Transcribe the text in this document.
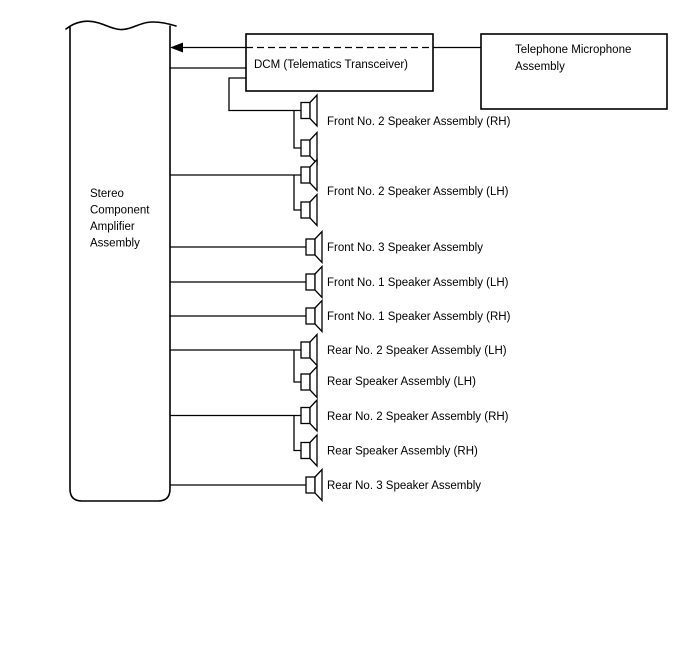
Stereo
Component
Amplifier
Assembly
Telephone Microphone
Assembly
DCM (Telematics Transceiver)
Front No. 2 Speaker Assembly (RH)
Front No. 2 Speaker Assembly (LH)
Front No. 3 Speaker Assembly
Front No. 1 Speaker Assembly (LH)
Front No. 1 Speaker Assembly (RH)
Rear No. 2 Speaker Assembly (LH)
Rear Speaker Assembly (LH)
Rear No. 2 Speaker Assembly (RH)
Rear Speaker Assembly (RH)
Rear No. 3 Speaker Assembly
